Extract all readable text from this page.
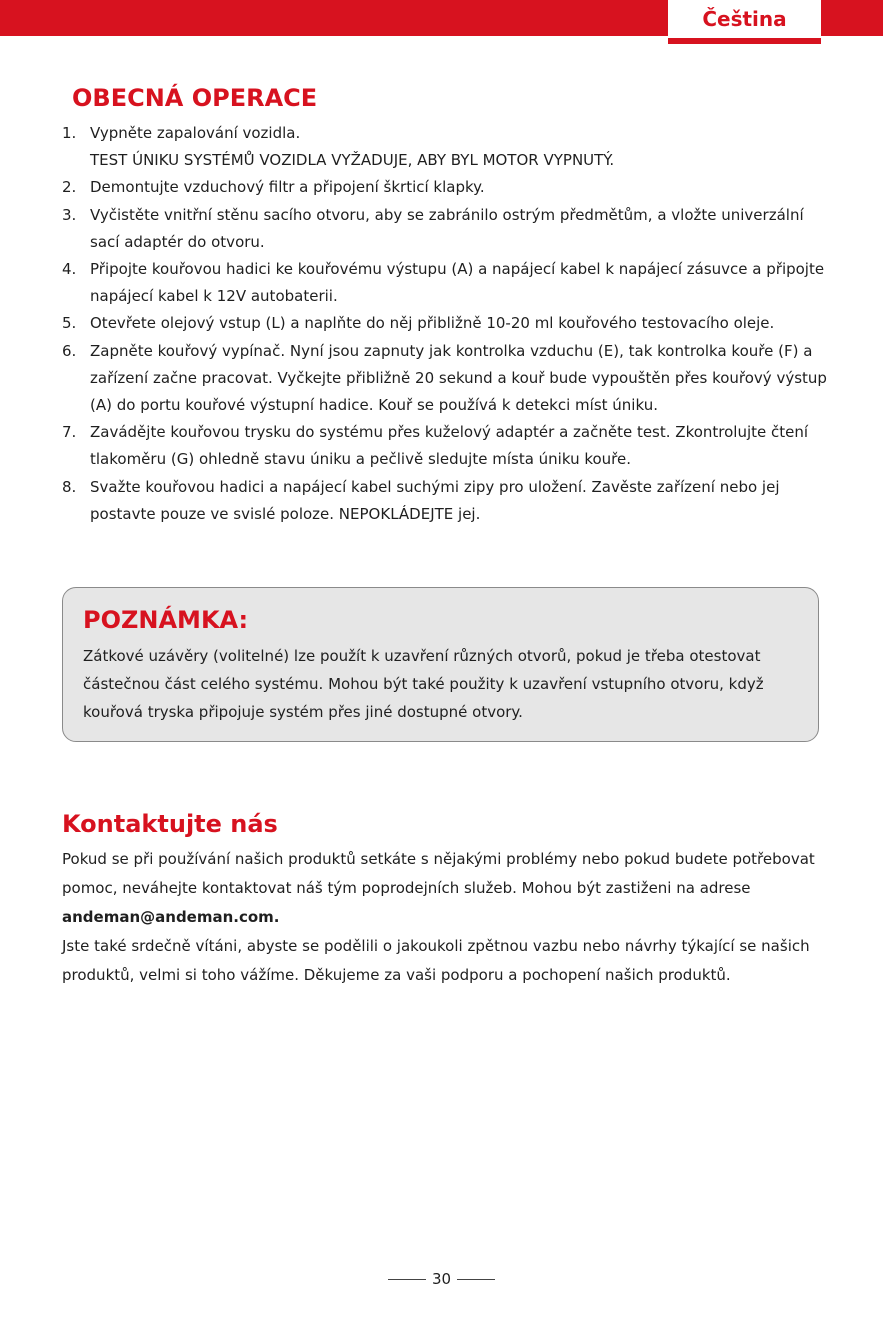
Čeština
OBECNÁ OPERACE
1. Vypněte zapalování vozidla.
TEST ÚNIKU SYSTÉMŮ VOZIDLA VYŽADUJE, ABY BYL MOTOR VYPNUTÝ.
2. Demontujte vzduchový filtr a připojení škrticí klapky.
3. Vyčistěte vnitřní stěnu sacího otvoru, aby se zabránilo ostrým předmětům, a vložte univerzální sací adaptér do otvoru.
4. Připojte kouřovou hadici ke kouřovému výstupu (A) a napájecí kabel k napájecí zásuvce a připojte napájecí kabel k 12V autobaterii.
5. Otevřete olejový vstup (L) a naplňte do něj přibližně 10-20 ml kouřového testovacího oleje.
6. Zapněte kouřový vypínač. Nyní jsou zapnuty jak kontrolka vzduchu (E), tak kontrolka kouře (F) a zařízení začne pracovat. Vyčkejte přibližně 20 sekund a kouř bude vypouštěn přes kouřový výstup (A) do portu kouřové výstupní hadice. Kouř se používá k detekci míst úniku.
7. Zavádějte kouřovou trysku do systému přes kuželový adaptér a začněte test. Zkontrolujte čtení tlakoměru (G) ohledně stavu úniku a pečlivě sledujte místa úniku kouře.
8. Svažte kouřovou hadici a napájecí kabel suchými zipy pro uložení. Zavěste zařízení nebo jej postavte pouze ve svislé poloze. NEPOKLÁDEJTE jej.
POZNÁMKA:

Zátkové uzávěry (volitelné) lze použít k uzavření různých otvorů, pokud je třeba otestovat částečnou část celého systému. Mohou být také použity k uzavření vstupního otvoru, když kouřová tryska připojuje systém přes jiné dostupné otvory.

Kontaktujte nás

Pokud se při používání našich produktů setkáte s nějakými problémy nebo pokud budete potřebovat pomoc, neváhejte kontaktovat náš tým poprodejních služeb. Mohou být zastiženi na adrese andeman@andeman.com.

Jste také srdečně vítáni, abyste se podělili o jakoukoli zpětnou vazbu nebo návrhy týkající se našich produktů, velmi si toho vážíme. Děkujeme za vaši podporu a pochopení našich produktů.

30
